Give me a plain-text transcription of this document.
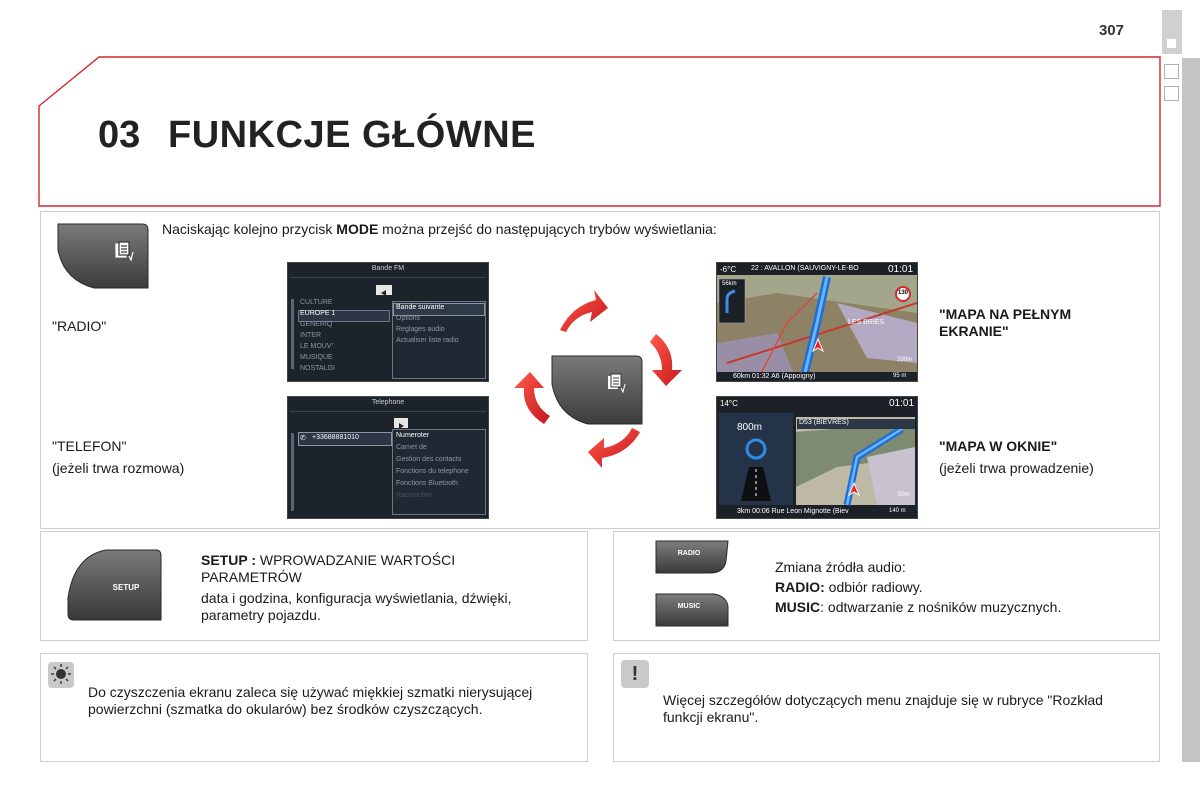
307
03 FUNKCJE GŁÓWNE
Naciskając kolejno przycisk MODE można przejść do następujących trybów wyświetlania:
"RADIO"
"TELEFON"
(jeżeli trwa rozmowa)
"MAPA NA PEŁNYM EKRANIE"
"MAPA W OKNIE"
(jeżeli trwa prowadzenie)
Bande FM
CULTURE
EUROPE 1
GENERIQ
INTER
LE MOUV'
MUSIQUE
NOSTALGI
Bande suivante
Options
Reglages audio
Actualiser liste radio
Telephone
✆ +33688881010	Numeroter
Carnet de
Gestion des contacts
Fonctions du telephone
Fonctions Bluetooth
Raccrocher
-6°C 22 : AVALLON (SAUVIGNY-LE-BO	01:01
56km
130
LES BRIES
200m
60km 01:32 A6 (Appoigny)	95 m
14°C	01:01
800m	D53 (BIEVRES)
50m
3km 00:06 Rue Leon Mignotte (Biev	140 m
SETUP
SETUP : WPROWADZANIE WARTOŚCI PARAMETRÓW
data i godzina, konfiguracja wyświetlania, dźwięki, parametry pojazdu.
RADIO
MUSIC
Zmiana źródła audio:
RADIO: odbiór radiowy.
MUSIC: odtwarzanie z nośników muzycznych.
Do czyszczenia ekranu zaleca się używać miękkiej szmatki nierysującej powierzchni (szmatka do okularów) bez środków czyszczących.
!
Więcej szczegółów dotyczących menu znajduje się w rubryce "Rozkład funkcji ekranu".
